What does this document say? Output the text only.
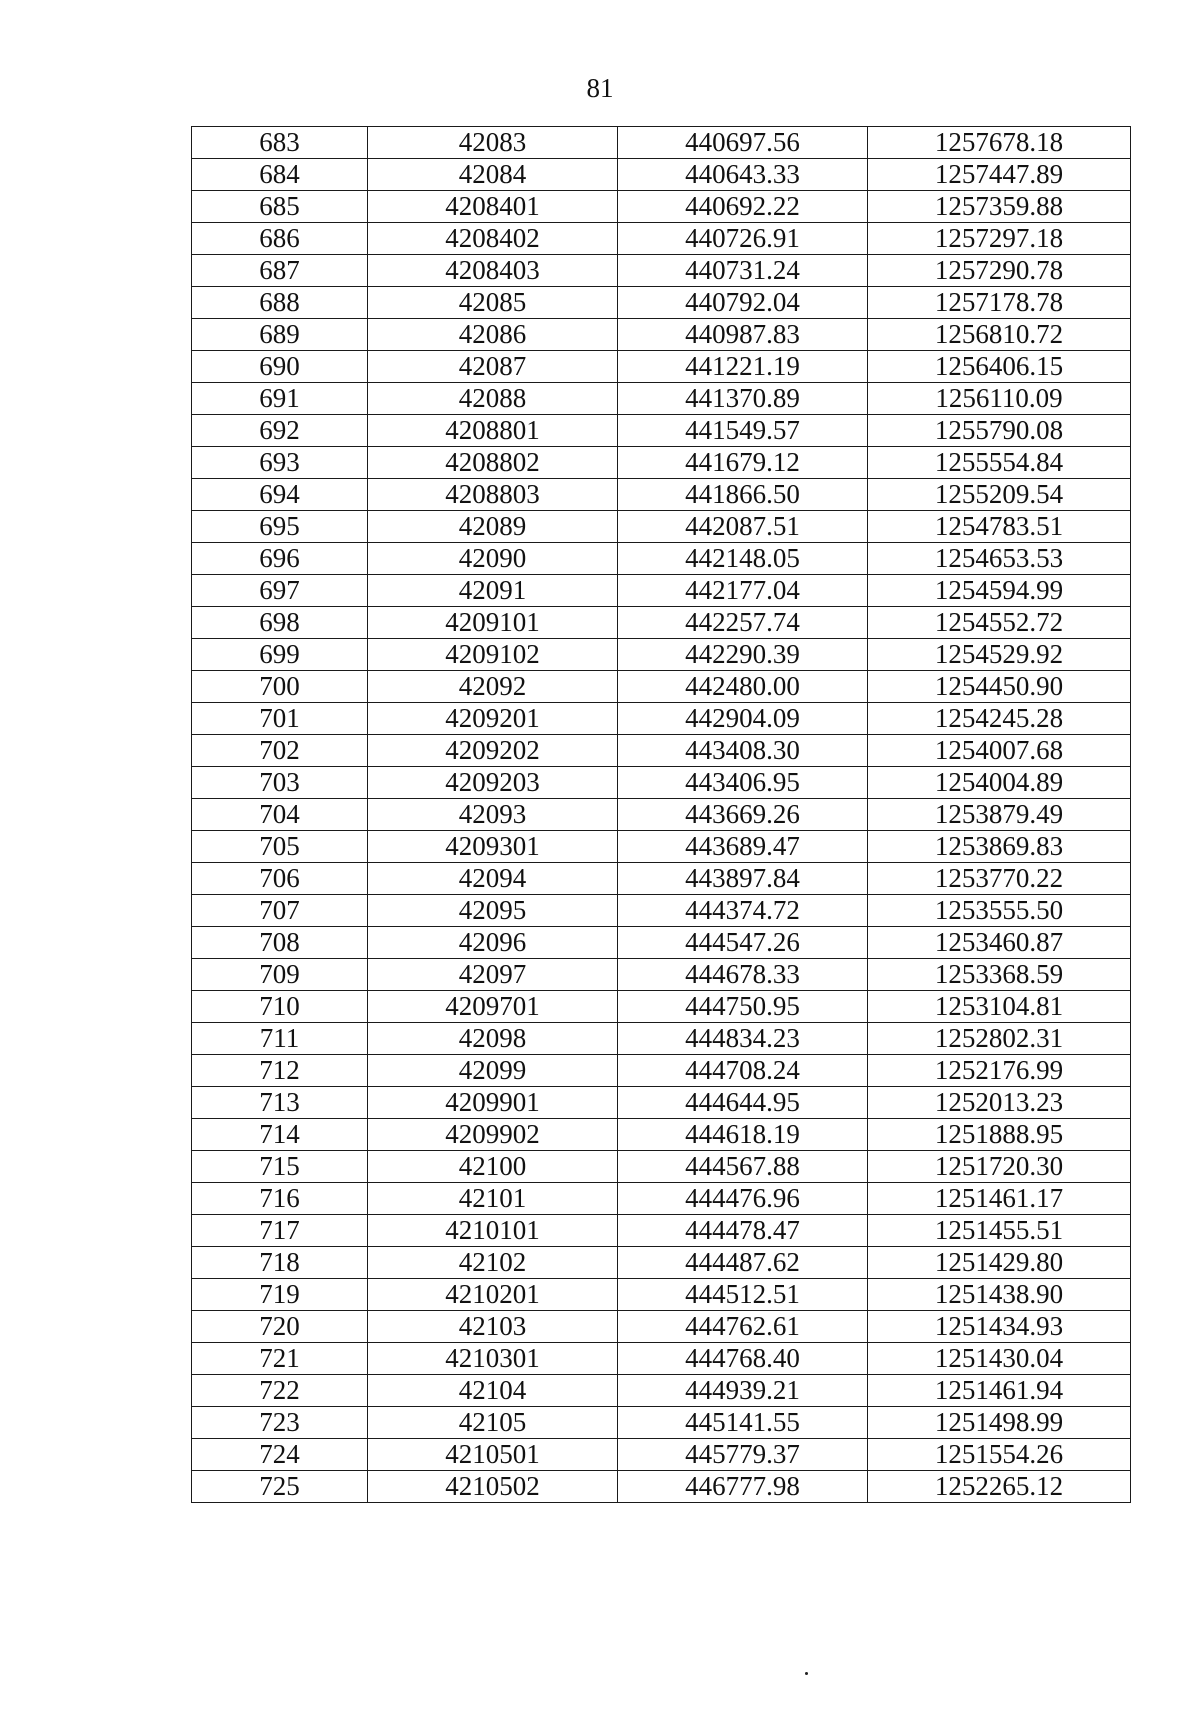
81
683	42083	440697.56	1257678.18
684	42084	440643.33	1257447.89
685	4208401	440692.22	1257359.88
686	4208402	440726.91	1257297.18
687	4208403	440731.24	1257290.78
688	42085	440792.04	1257178.78
689	42086	440987.83	1256810.72
690	42087	441221.19	1256406.15
691	42088	441370.89	1256110.09
692	4208801	441549.57	1255790.08
693	4208802	441679.12	1255554.84
694	4208803	441866.50	1255209.54
695	42089	442087.51	1254783.51
696	42090	442148.05	1254653.53
697	42091	442177.04	1254594.99
698	4209101	442257.74	1254552.72
699	4209102	442290.39	1254529.92
700	42092	442480.00	1254450.90
701	4209201	442904.09	1254245.28
702	4209202	443408.30	1254007.68
703	4209203	443406.95	1254004.89
704	42093	443669.26	1253879.49
705	4209301	443689.47	1253869.83
706	42094	443897.84	1253770.22
707	42095	444374.72	1253555.50
708	42096	444547.26	1253460.87
709	42097	444678.33	1253368.59
710	4209701	444750.95	1253104.81
711	42098	444834.23	1252802.31
712	42099	444708.24	1252176.99
713	4209901	444644.95	1252013.23
714	4209902	444618.19	1251888.95
715	42100	444567.88	1251720.30
716	42101	444476.96	1251461.17
717	4210101	444478.47	1251455.51
718	42102	444487.62	1251429.80
719	4210201	444512.51	1251438.90
720	42103	444762.61	1251434.93
721	4210301	444768.40	1251430.04
722	42104	444939.21	1251461.94
723	42105	445141.55	1251498.99
724	4210501	445779.37	1251554.26
725	4210502	446777.98	1252265.12
